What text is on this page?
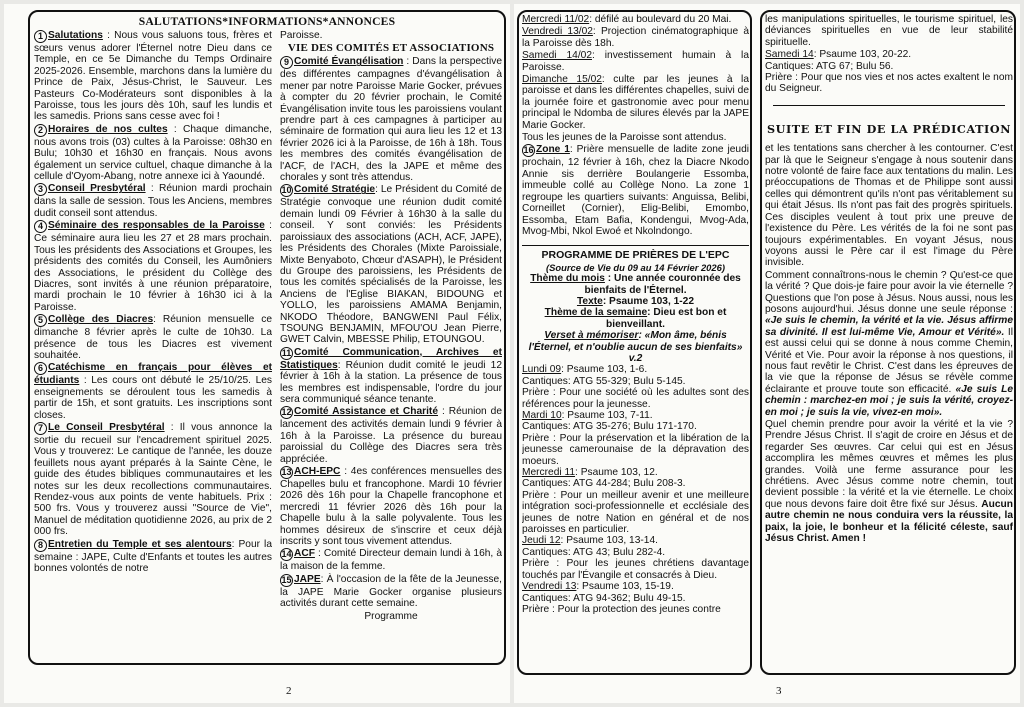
SALUTATIONS*INFORMATIONS*ANNONCES
1 Salutations : Nous vous saluons tous, frères et sœurs venus adorer l'Éternel notre Dieu dans ce Temple, en ce 5e Dimanche du Temps Ordinaire 2025-2026. Ensemble, marchons dans la lumière du Prince de Paix, Jésus-Christ, le Sauveur. Les Pasteurs Co-Modérateurs sont disponibles à la Paroisse, tous les jours dès 10h, sauf les lundis et les samedis. Prions sans cesse avec foi !
2 Horaires de nos cultes : Chaque dimanche, nous avons trois (03) cultes à la Paroisse: 08h30 en Bulu; 10h30 et 16h30 en français. Nous avons également un service cultuel, chaque dimanche à la cellule d'Oyom-Abang, notre annexe ici à Yaoundé.
3 Conseil Presbytéral : Réunion mardi prochain dans la salle de session. Tous les Anciens, membres dudit conseil sont attendus.
4 Séminaire des responsables de la Paroisse : Ce séminaire aura lieu les 27 et 28 mars prochain. Tous les présidents des Associations et Groupes, les présidents des comités du Conseil, les Aumôniers des Associations, le président du Collège des Diacres, sont invités à une réunion préparatoire, mardi prochain le 10 février à 16h30 ici à la Paroisse.
5 Collège des Diacres: Réunion mensuelle ce dimanche 8 février après le culte de 10h30. La présence de tous les Diacres est vivement souhaitée.
6 Catéchisme en français pour élèves et étudiants : Les cours ont débuté le 25/10/25. Les enseignements se déroulent tous les samedis à partir de 15h, et sont gratuits. Les inscriptions sont closes.
7 Le Conseil Presbytéral : Il vous annonce la sortie du recueil sur l'encadrement spirituel 2025. Vous y trouverez: Le cantique de l'année, les douze feuillets nous ayant préparés à la Sainte Cène, le guide des études bibliques communautaires et les notes sur les deux recollections communautaires. Rendez-vous aux points de vente habituels. Prix : 500 frs. Vous y trouverez aussi "Source de Vie", Manuel de méditation quotidienne 2026, au prix de 2 000 frs.
8 Entretien du Temple et ses alentours: Pour la semaine : JAPE, Culte d'Enfants et toutes les autres bonnes volontés de notre

Paroisse.

VIE DES COMITÉS ET ASSOCIATIONS
9 Comité Évangélisation : Dans la perspective des différentes campagnes d'évangélisation à mener par notre Paroisse Marie Gocker, prévues à compter du 20 février prochain, le Comité Évangélisation invite tous les paroissiens voulant prendre part à ces campagnes à participer au séminaire de formation qui aura lieu les 12 et 13 février 2026 ici à la Paroisse, de 16h à 18h. Tous les membres des comités évangélisation de l'ACF, de l'ACH, des la JAPE et même des chorales y sont très attendus.
10 Comité Stratégie: Le Président du Comité de Stratégie convoque une réunion dudit comité demain lundi 09 Février à 16h30 à la salle du conseil. Y sont conviés: les Présidents paroissiaux des associations (ACH, ACF, JAPE), les Présidents des Chorales (Mixte Paroissiale, Mixte Benyaboto, Chœur d'ASAPH), le Président du Groupe des paroissiens, les Présidents de tous les comités spécialisés de la Paroisse, les Anciens de l'Eglise BIAKAN, BIDOUNG et YOLLO, les paroissiens AMAMA Benjamin, NKODO Théodore, BANGWENI Paul Félix, TSOUNG BENJAMIN, MFOU'OU Jean Pierre, GWET Calvin, MBESSE Philip, ETOUNGOU.
11 Comité Communication, Archives et Statistiques: Réunion dudit comité le jeudi 12 février à 16h à la station. La présence de tous les membres est indispensable, l'ordre du jour sera communiqué séance tenante.
12 Comité Assistance et Charité : Réunion de lancement des activités demain lundi 9 février à 16h à la Paroisse. La présence du bureau paroissial du Collège des Diacres sera très appréciée.
13 ACH-EPC : 4es conférences mensuelles des Chapelles bulu et francophone. Mardi 10 février 2026 dès 16h pour la Chapelle francophone et mercredi 11 février 2026 dès 16h pour la Chapelle bulu à la salle polyvalente. Tous les hommes désireux de s'inscrire et ceux déjà inscrits y sont tous vivement attendus.
14 ACF : Comité Directeur demain lundi à 16h, à la maison de la femme.
15 JAPE: À l'occasion de la fête de la Jeunesse, la JAPE Marie Gocker organise plusieurs activités durant cette semaine.
Programme
2

Mercredi 11/02: défilé au boulevard du 20 Mai.

Vendredi 13/02: Projection cinématographique à la Paroisse dès 18h.

Samedi 14/02: investissement humain à la Paroisse.

Dimanche 15/02: culte par les jeunes à la paroisse et dans les différentes chapelles, suivi de la journée foire et gastronomie avec pour menu principal le Ndomba de silures élevés par la JAPE Marie Gocker.

Tous les jeunes de la Paroisse sont attendus.

16 Zone 1: Prière mensuelle de ladite zone jeudi prochain, 12 février à 16h, chez la Diacre Nkodo Annie sis derrière Boulangerie Essomba, immeuble collé au Collège Nono. La zone 1 regroupe les quartiers suivants: Anguissa, Belibi, Corneillet (Cornier), Elig-Belibi, Emombo, Essomba, Etam Bafia, Kondengui, Mvog-Ada, Mvog-Mbi, Nkol Ewoé et Nkolndongo.
PROGRAMME DE PRIÈRES DE L'EPC
(Source de Vie du 09 au 14 Février 2026)
Thème du mois : Une année couronnée des bienfaits de l'Éternel.
Texte: Psaume 103, 1-22
Thème de la semaine: Dieu est bon et bienveillant.
Verset à mémoriser: «Mon âme, bénis l'Éternel, et n'oublie aucun de ses bienfaits» v.2
Lundi 09: Psaume 103, 1-6.
Cantiques: ATG 55-329; Bulu 5-145.
Prière : Pour une société où les adultes sont des références pour la jeunesse.
Mardi 10: Psaume 103, 7-11.
Cantiques: ATG 35-276; Bulu 171-170.
Prière : Pour la préservation et la libération de la jeunesse camerounaise de la dépravation des moeurs.
Mercredi 11: Psaume 103, 12.
Cantiques: ATG 44-284; Bulu 208-3.
Prière : Pour un meilleur avenir et une meilleure intégration soci-professionnelle et ecclésiale des jeunes de notre Nation en général et de nos paroisses en particulier.
Jeudi 12: Psaume 103, 13-14.
Cantiques: ATG 43; Bulu 282-4.
Prière : Pour les jeunes chrétiens davantage touchés par l'Évangile et consacrés à Dieu.
Vendredi 13: Psaume 103, 15-19.
Cantiques: ATG 94-362; Bulu 49-15.
Prière : Pour la protection des jeunes contre

les manipulations spirituelles, le tourisme spirituel, les déviances spirituelles en vue de leur stabilité spirituelle.

Samedi 14: Psaume 103, 20-22.
Cantiques: ATG 67; Bulu 56.
Prière : Pour que nos vies et nos actes exaltent le nom du Seigneur.
SUITE ET FIN DE LA PRÉDICATION

et les tentations sans chercher à les contourner. C'est par là que le Seigneur s'engage à nous soutenir dans notre volonté de faire face aux tentations du malin. Les préoccupations de Thomas et de Philippe sont aussi celles qui démontrent qu'ils n'ont pas véritablement su qui était Jésus. Ils n'ont pas fait des progrès spirituels. Ces disciples veulent à tout prix une preuve de l'existence du Père. Les vérités de la foi ne sont pas toujours expérimentables. En voyant Jésus, nous voyons aussi le Père car il est l'image du Père invisible.

Comment connaîtrons-nous le chemin ? Qu'est-ce que la vérité ? Que dois-je faire pour avoir la vie éternelle ? Questions que l'on pose à Jésus. Nous aussi, nous les posons aujourd'hui. Jésus donne une seule réponse : «Je suis le chemin, la vérité et la vie. Jésus affirme sa divinité. Il est lui-même Vie, Amour et Vérité». Il est aussi celui qui se donne à nous comme Chemin, Vérité et Vie. Pour avoir la réponse à nos questions, il nous faut revêtir le Christ. C'est dans les épreuves de la vie que la réponse de Jésus se révèle comme éclairante et prouve toute son efficacité. «Je suis Le chemin : marchez-en moi ; je suis la vérité, croyez-en moi ; je suis la vie, vivez-en moi».

Quel chemin prendre pour avoir la vérité et la vie ? Prendre Jésus Christ. Il s'agit de croire en Jésus et de regarder Ses œuvres. Car celui qui est en Jésus accomplira les mêmes œuvres et mêmes les plus grandes. Voilà une ferme assurance pour les chrétiens. Avec Jésus comme notre chemin, tout devient possible : la vérité et la vie éternelle. Le choix que nous devons faire doit être fixé sur Jésus. Aucun autre chemin ne nous conduira vers la réussite, la paix, la joie, le bonheur et la félicité céleste, sauf Jésus Christ. Amen !

3
